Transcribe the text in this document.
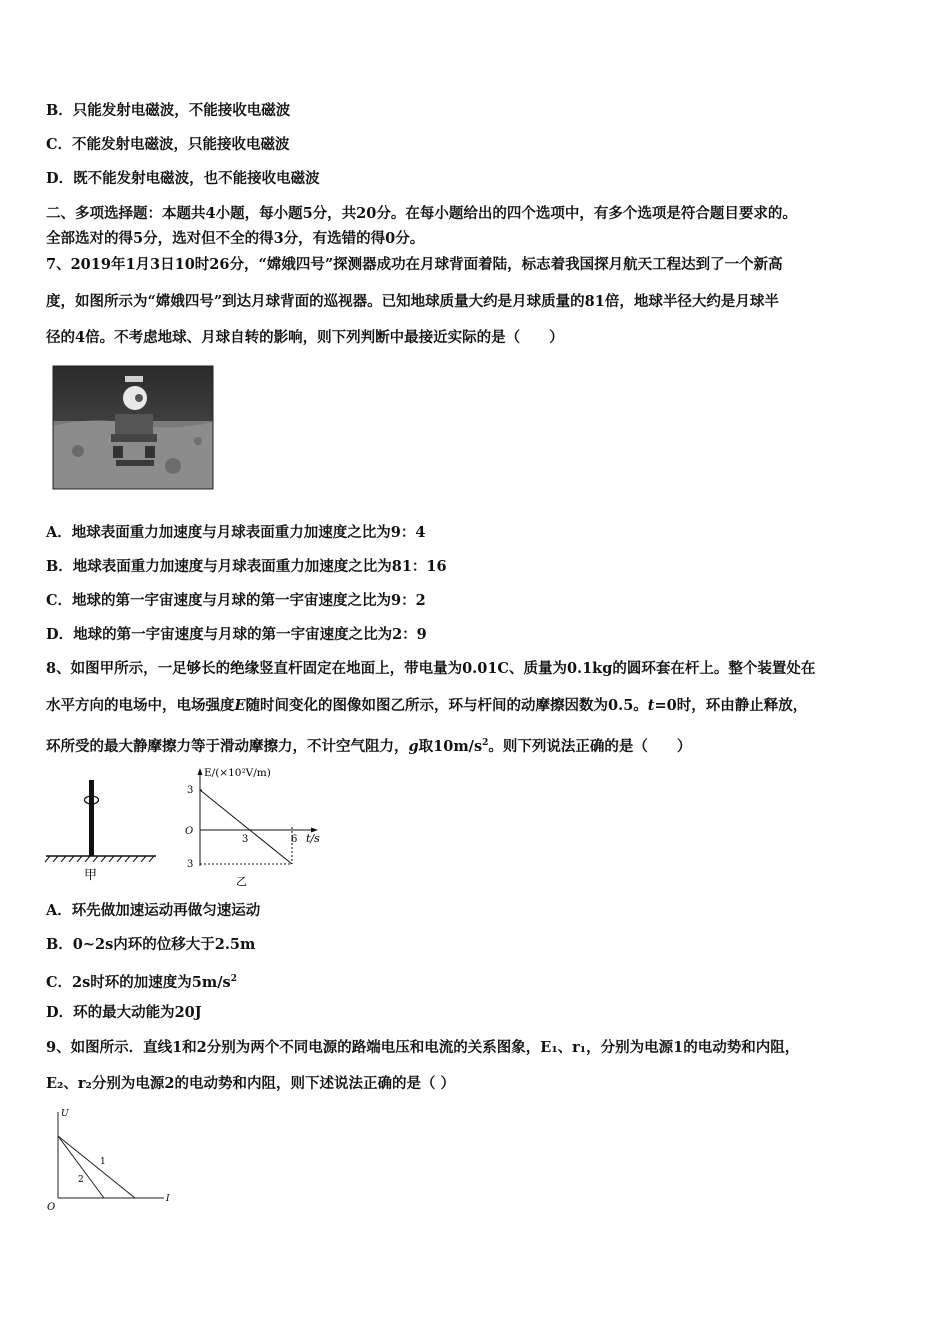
B．只能发射电磁波，不能接收电磁波
C．不能发射电磁波，只能接收电磁波
D．既不能发射电磁波，也不能接收电磁波
二、多项选择题：本题共4小题，每小题5分，共20分。在每小题给出的四个选项中，有多个选项是符合题目要求的。
全部选对的得5分，选对但不全的得3分，有选错的得0分。
7、2019年1月3日10时26分，“嫦娥四号”探测器成功在月球背面着陆，标志着我国探月航天工程达到了一个新高
度，如图所示为“嫦娥四号”到达月球背面的巡视器。已知地球质量大约是月球质量的81倍，地球半径大约是月球半
径的4倍。不考虑地球、月球自转的影响，则下列判断中最接近实际的是（　　）
A．地球表面重力加速度与月球表面重力加速度之比为9：4
B．地球表面重力加速度与月球表面重力加速度之比为81：16
C．地球的第一宇宙速度与月球的第一宇宙速度之比为9：2
D．地球的第一宇宙速度与月球的第一宇宙速度之比为2：9
8、如图甲所示，一足够长的绝缘竖直杆固定在地面上，带电量为0.01C、质量为0.1kg的圆环套在杆上。整个装置处在
水平方向的电场中，电场强度E随时间变化的图像如图乙所示，环与杆间的动摩擦因数为0.5。t=0时，环由静止释放，
环所受的最大静摩擦力等于滑动摩擦力，不计空气阻力，g取$10m/s^2$。则下列说法正确的是（　　）
甲
E/(×10²V/m)
t/s
3
O
3
3	6
乙
A．环先做加速运动再做匀速运动
B．0~2s内环的位移大于2.5m
C．2s时环的加速度为$5m/s^2$
D．环的最大动能为20J
9、如图所示．直线1和2分别为两个不同电源的路端电压和电流的关系图象，E₁、r₁，分别为电源1的电动势和内阻，
E₂、r₂分别为电源2的电动势和内阻，则下述说法正确的是（ ）
U
I
O
1
2
